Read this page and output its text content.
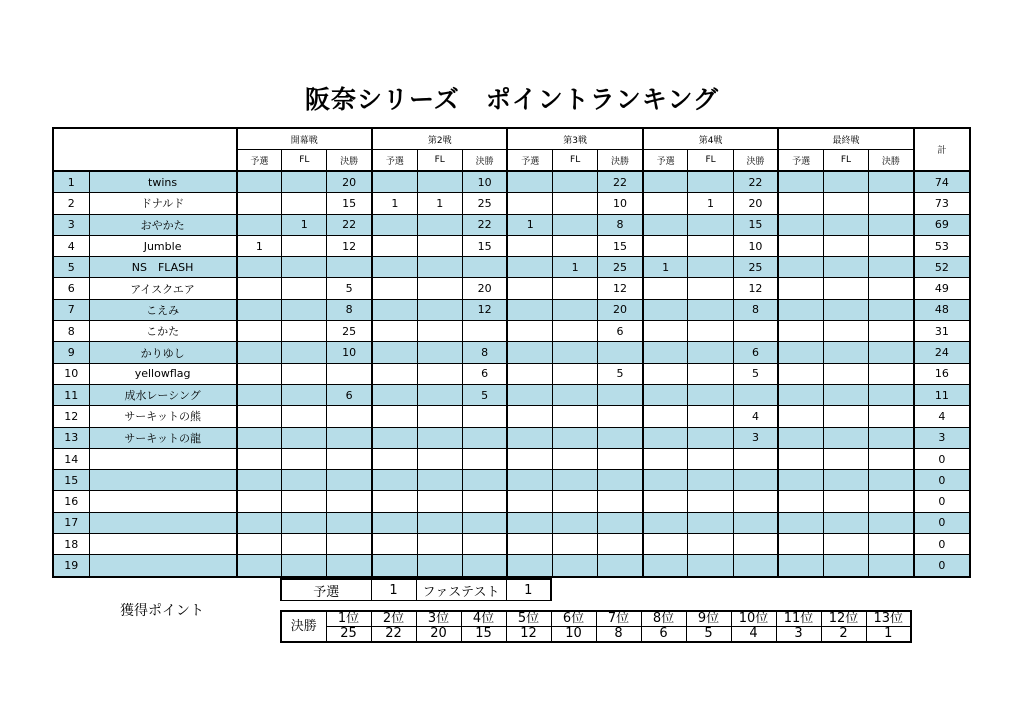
阪奈シリーズ　ポイントランキング
		開幕戦			第2戦			第3戦			第4戦			最終戦			計
		予選	FL	決勝	予選	FL	決勝	予選	FL	決勝	予選	FL	決勝	予選	FL	決勝	
1	twins			20			10			22			22				74
2	ドナルド			15	1	1	25			10		1	20				73
3	おやかた		1	22			22	1		8			15				69
4	Jumble	1		12			15			15			10				53
5	NS　FLASH								1	25	1		25				52
6	アイスクエア			5			20			12			12				49
7	こえみ			8			12			20			8				48
8	こかた			25						6							31
9	かりゆし			10			8						6				24
10	yellowflag						6			5			5				16
11	成水レーシング			6			5										11
12	サーキットの熊												4				4
13	サーキットの龍												3				3
14																	0
15																	0
16																	0
17																	0
18																	0
19																	0
獲得ポイント
予選	1	ファステスト	1
決勝	1位	2位	3位	4位	5位	6位	7位	8位	9位	10位	11位	12位	13位
	25	22	20	15	12	10	8	6	5	4	3	2	1
